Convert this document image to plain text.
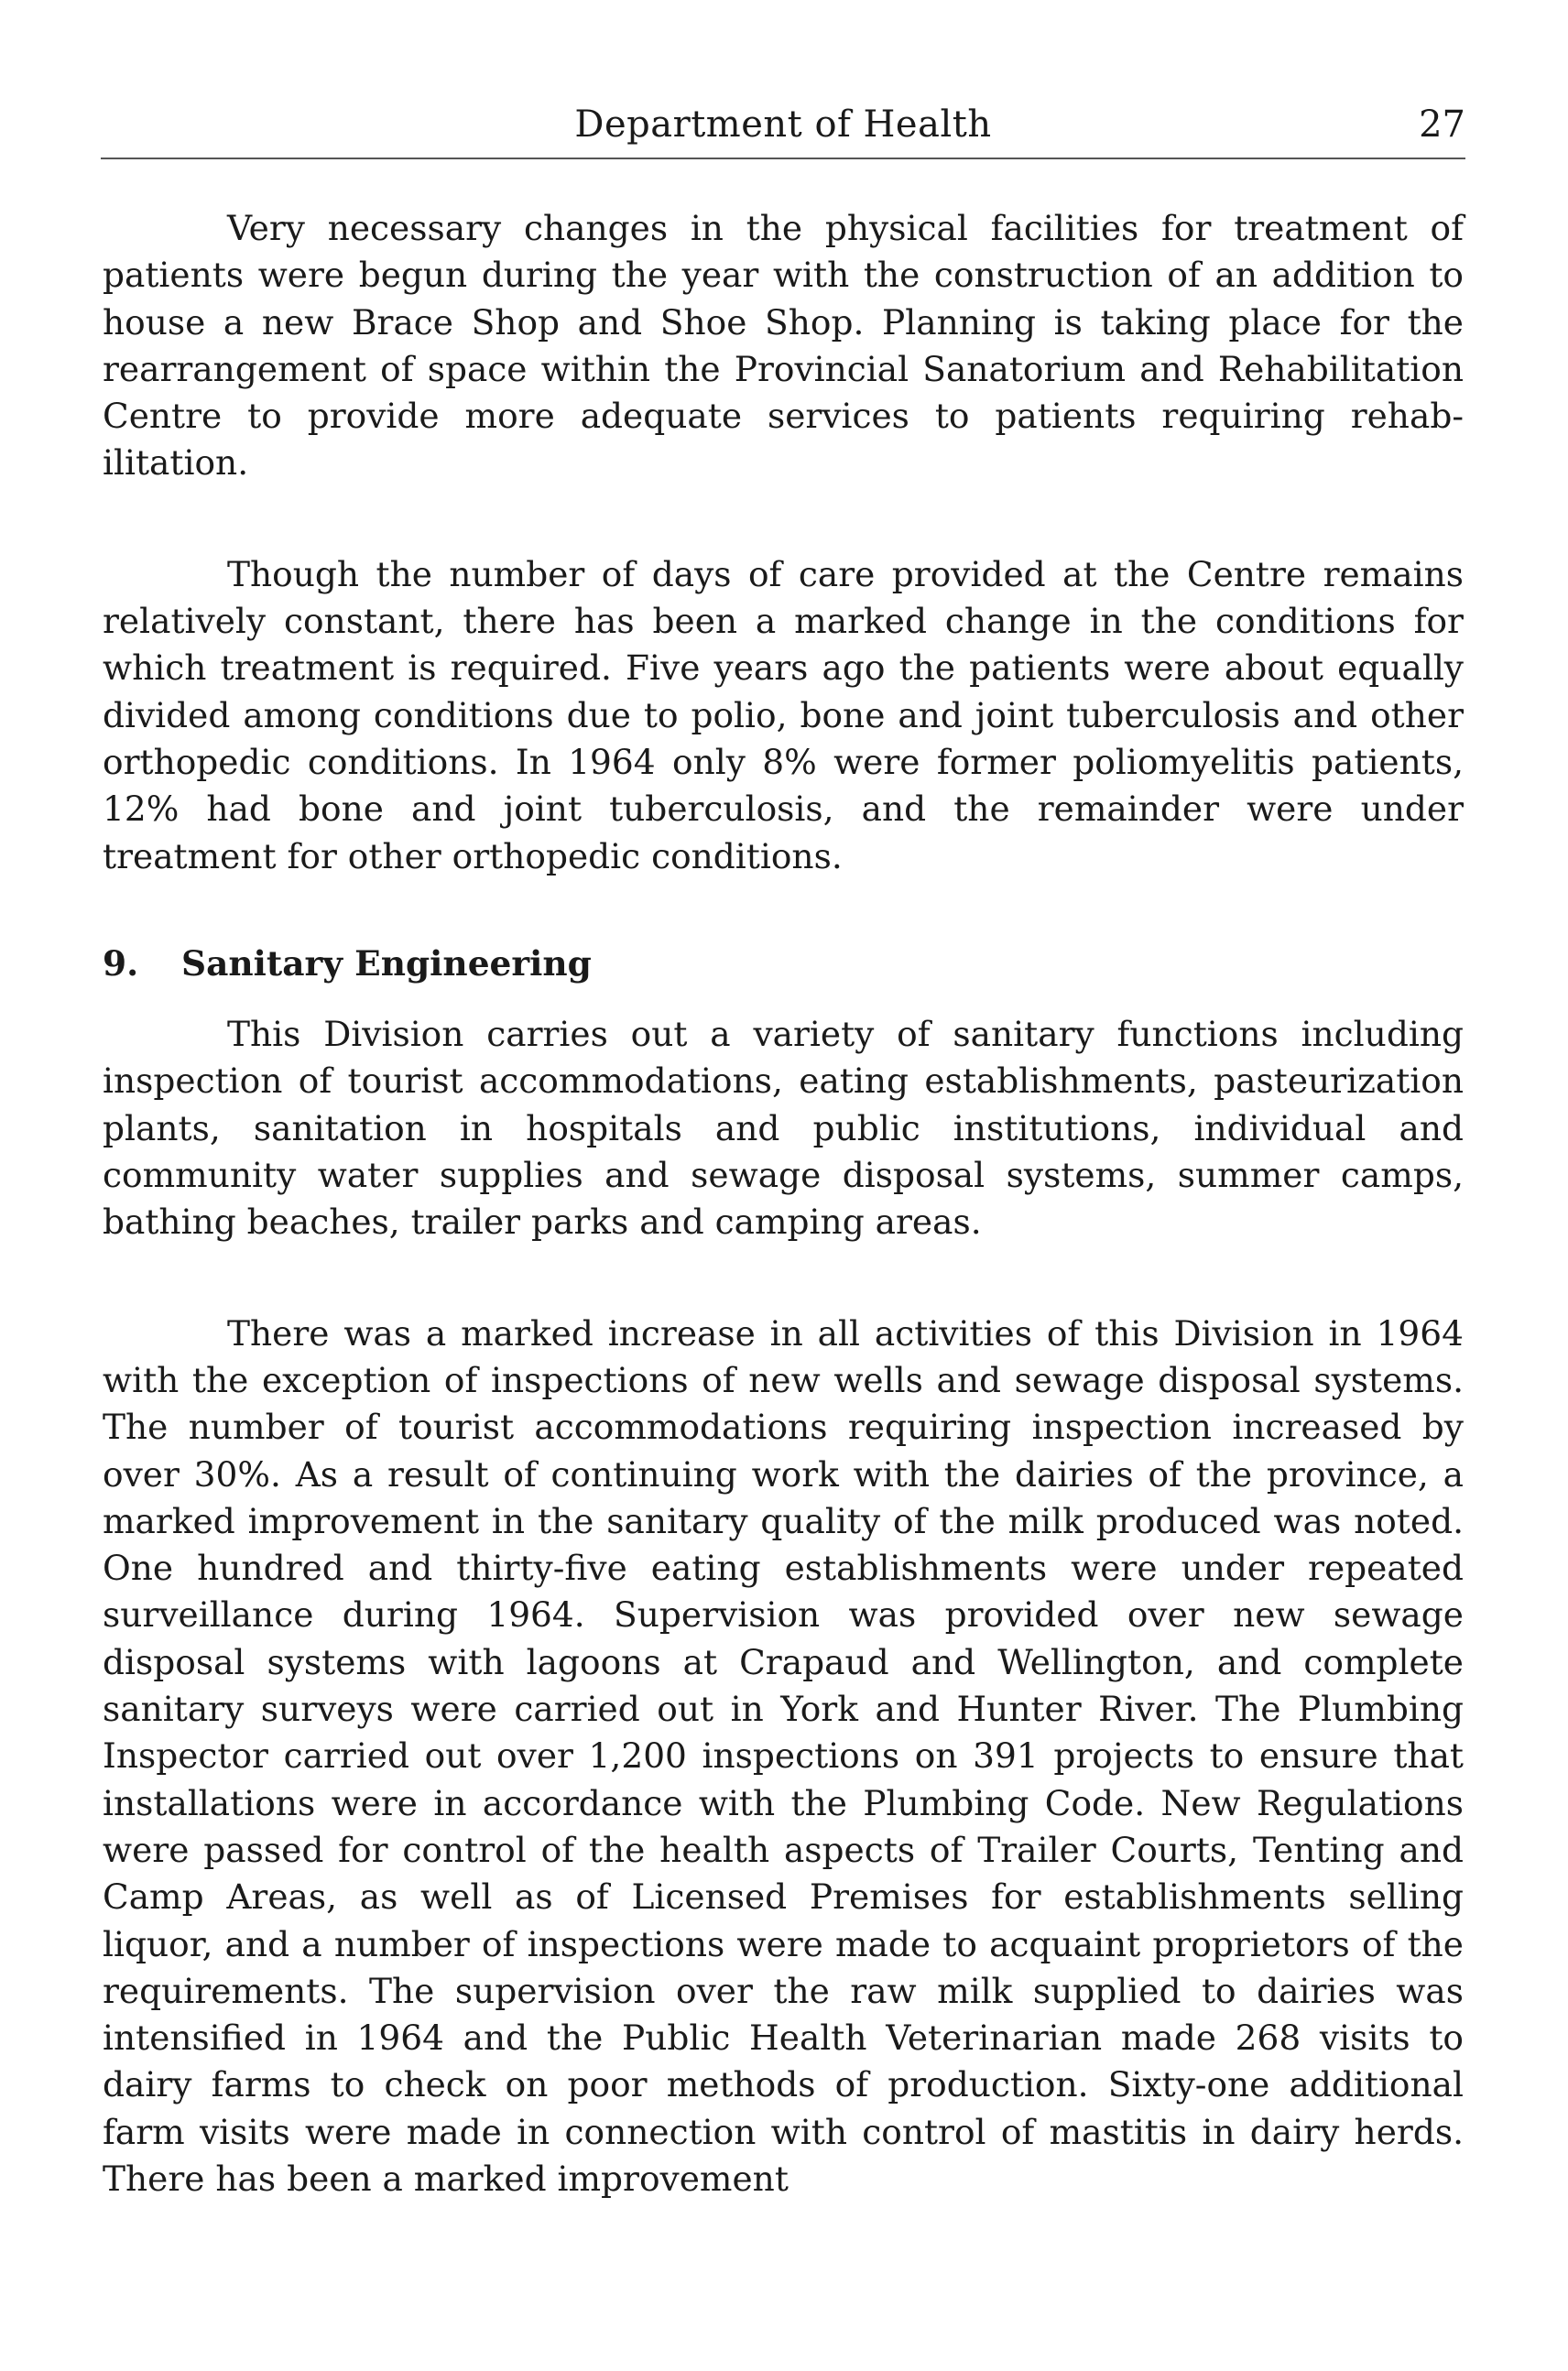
Department of Health	27

Very necessary changes in the physical facilities for treatment of patients were begun during the year with the construction of an addition to house a new Brace Shop and Shoe Shop. Planning is taking place for the rearrangement of space within the Provincial Sanatorium and Rehabilitation Centre to provide more adequate services to patients requiring rehabilitation.

Though the number of days of care provided at the Centre remains relatively constant, there has been a marked change in the conditions for which treatment is required. Five years ago the patients were about equally divided among conditions due to polio, bone and joint tuberculosis and other orthopedic conditions. In 1964 only 8% were former poliomyelitis patients, 12% had bone and joint tuberculosis, and the remainder were under treatment for other orthopedic conditions.

9. Sanitary Engineering

This Division carries out a variety of sanitary functions including inspection of tourist accommodations, eating establishments, pasteurization plants, sanitation in hospitals and public institutions, individual and community water supplies and sewage disposal systems, summer camps, bathing beaches, trailer parks and camping areas.

There was a marked increase in all activities of this Division in 1964 with the exception of inspections of new wells and sewage disposal systems. The number of tourist accommodations requiring inspection increased by over 30%. As a result of continuing work with the dairies of the province, a marked improvement in the sanitary quality of the milk produced was noted. One hundred and thirty-five eating establishments were under repeated surveillance during 1964. Supervision was provided over new sewage disposal systems with lagoons at Crapaud and Wellington, and complete sanitary surveys were carried out in York and Hunter River. The Plumbing Inspector carried out over 1,200 inspections on 391 projects to ensure that installations were in accordance with the Plumbing Code. New Regulations were passed for control of the health aspects of Trailer Courts, Tenting and Camp Areas, as well as of Licensed Premises for establishments selling liquor, and a number of inspections were made to acquaint proprietors of the requirements. The supervision over the raw milk supplied to dairies was intensified in 1964 and the Public Health Veterinarian made 268 visits to dairy farms to check on poor methods of production. Sixty-one additional farm visits were made in connection with control of mastitis in dairy herds. There has been a marked improvement
